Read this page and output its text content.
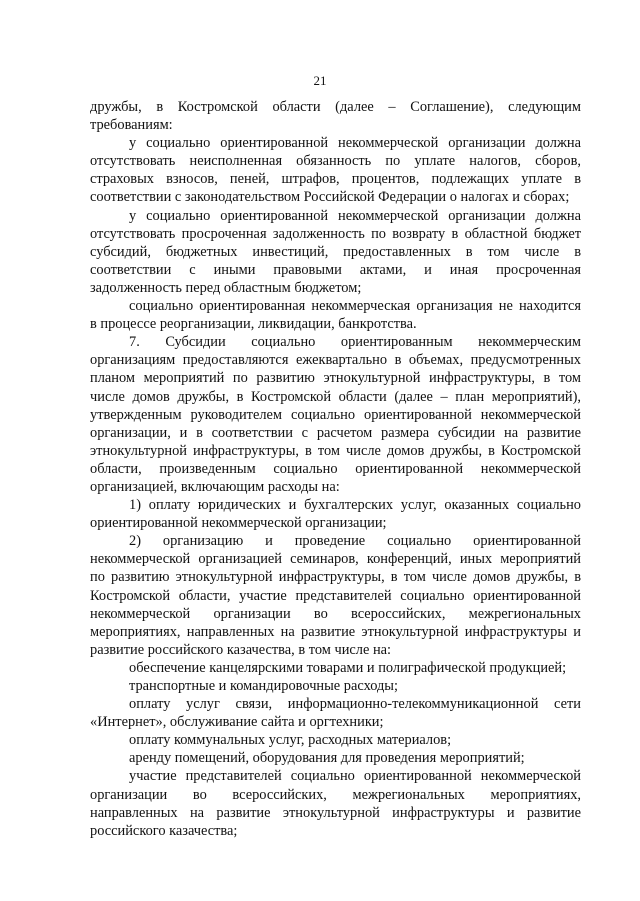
21
дружбы, в Костромской области (далее – Соглашение), следующим
требованиям:
у социально ориентированной некоммерческой организации должна
отсутствовать неисполненная обязанность по уплате налогов, сборов,
страховых взносов, пеней, штрафов, процентов, подлежащих уплате в
соответствии с законодательством Российской Федерации о налогах и сборах;
у социально ориентированной некоммерческой организации должна
отсутствовать просроченная задолженность по возврату в областной бюджет
субсидий, бюджетных инвестиций, предоставленных в том числе в
соответствии с иными правовыми актами, и иная просроченная
задолженность перед областным бюджетом;
социально ориентированная некоммерческая организация не находится
в процессе реорганизации, ликвидации, банкротства.
7. Субсидии социально ориентированным некоммерческим
организациям предоставляются ежеквартально в объемах, предусмотренных
планом мероприятий по развитию этнокультурной инфраструктуры, в том
числе домов дружбы, в Костромской области (далее – план мероприятий),
утвержденным руководителем социально ориентированной некоммерческой
организации, и в соответствии с расчетом размера субсидии на развитие
этнокультурной инфраструктуры, в том числе домов дружбы, в Костромской
области, произведенным социально ориентированной некоммерческой
организацией, включающим расходы на:
1) оплату юридических и бухгалтерских услуг, оказанных социально
ориентированной некоммерческой организации;
2) организацию и проведение социально ориентированной
некоммерческой организацией семинаров, конференций, иных мероприятий
по развитию этнокультурной инфраструктуры, в том числе домов дружбы, в
Костромской области, участие представителей социально ориентированной
некоммерческой организации во всероссийских, межрегиональных
мероприятиях, направленных на развитие этнокультурной инфраструктуры и
развитие российского казачества, в том числе на:
обеспечение канцелярскими товарами и полиграфической продукцией;
транспортные и командировочные расходы;
оплату услуг связи, информационно-телекоммуникационной сети
«Интернет», обслуживание сайта и оргтехники;
оплату коммунальных услуг, расходных материалов;
аренду помещений, оборудования для проведения мероприятий;
участие представителей социально ориентированной некоммерческой
организации во всероссийских, межрегиональных мероприятиях,
направленных на развитие этнокультурной инфраструктуры и развитие
российского казачества;
